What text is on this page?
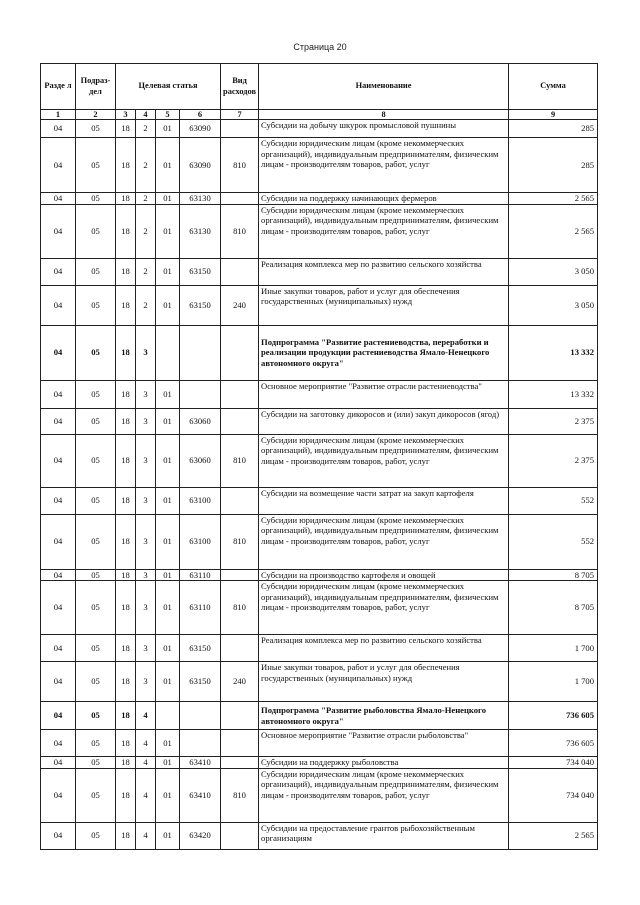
Страница 20
Разде л	Подраз- дел	Целевая статья				Вид расходов	Наименование	Сумма
1	2	3	4	5	6	7	8	9
04	05	18	2	01	63090		Субсидии на добычу шкурок промысловой пушнины	285
04	05	18	2	01	63090	810	Субсидии юридическим лицам (кроме некоммерческих организаций), индивидуальным предпринимателям, физическим лицам - производителям товаров, работ, услуг	285
04	05	18	2	01	63130		Субсидии на поддержку начинающих фермеров	2 565
04	05	18	2	01	63130	810	Субсидии юридическим лицам (кроме некоммерческих организаций), индивидуальным предпринимателям, физическим лицам - производителям товаров, работ, услуг	2 565
04	05	18	2	01	63150		Реализация комплекса мер по развитию сельского хозяйства	3 050
04	05	18	2	01	63150	240	Иные закупки товаров, работ и услуг для обеспечения государственных (муниципальных) нужд	3 050
04	05	18	3				Подпрограмма "Развитие растениеводства, переработки и реализации продукции растениеводства Ямало-Ненецкого автономного округа"	13 332
04	05	18	3	01			Основное мероприятие "Развитие отрасли растениеводства"	13 332
04	05	18	3	01	63060		Субсидии на заготовку дикоросов и (или) закуп дикоросов (ягод)	2 375
04	05	18	3	01	63060	810	Субсидии юридическим лицам (кроме некоммерческих организаций), индивидуальным предпринимателям, физическим лицам - производителям товаров, работ, услуг	2 375
04	05	18	3	01	63100		Субсидии на возмещение части затрат на закуп картофеля	552
04	05	18	3	01	63100	810	Субсидии юридическим лицам (кроме некоммерческих организаций), индивидуальным предпринимателям, физическим лицам - производителям товаров, работ, услуг	552
04	05	18	3	01	63110		Субсидии на производство картофеля и овощей	8 705
04	05	18	3	01	63110	810	Субсидии юридическим лицам (кроме некоммерческих организаций), индивидуальным предпринимателям, физическим лицам - производителям товаров, работ, услуг	8 705
04	05	18	3	01	63150		Реализация комплекса мер по развитию сельского хозяйства	1 700
04	05	18	3	01	63150	240	Иные закупки товаров, работ и услуг для обеспечения государственных (муниципальных) нужд	1 700
04	05	18	4				Подпрограмма "Развитие рыболовства Ямало-Ненецкого автономного округа"	736 605
04	05	18	4	01			Основное мероприятие "Развитие отрасли рыболовства"	736 605
04	05	18	4	01	63410		Субсидии на поддержку рыболовства	734 040
04	05	18	4	01	63410	810	Субсидии юридическим лицам (кроме некоммерческих организаций), индивидуальным предпринимателям, физическим лицам - производителям товаров, работ, услуг	734 040
04	05	18	4	01	63420		Субсидии на предоставление грантов рыбохозяйственным организациям	2 565
